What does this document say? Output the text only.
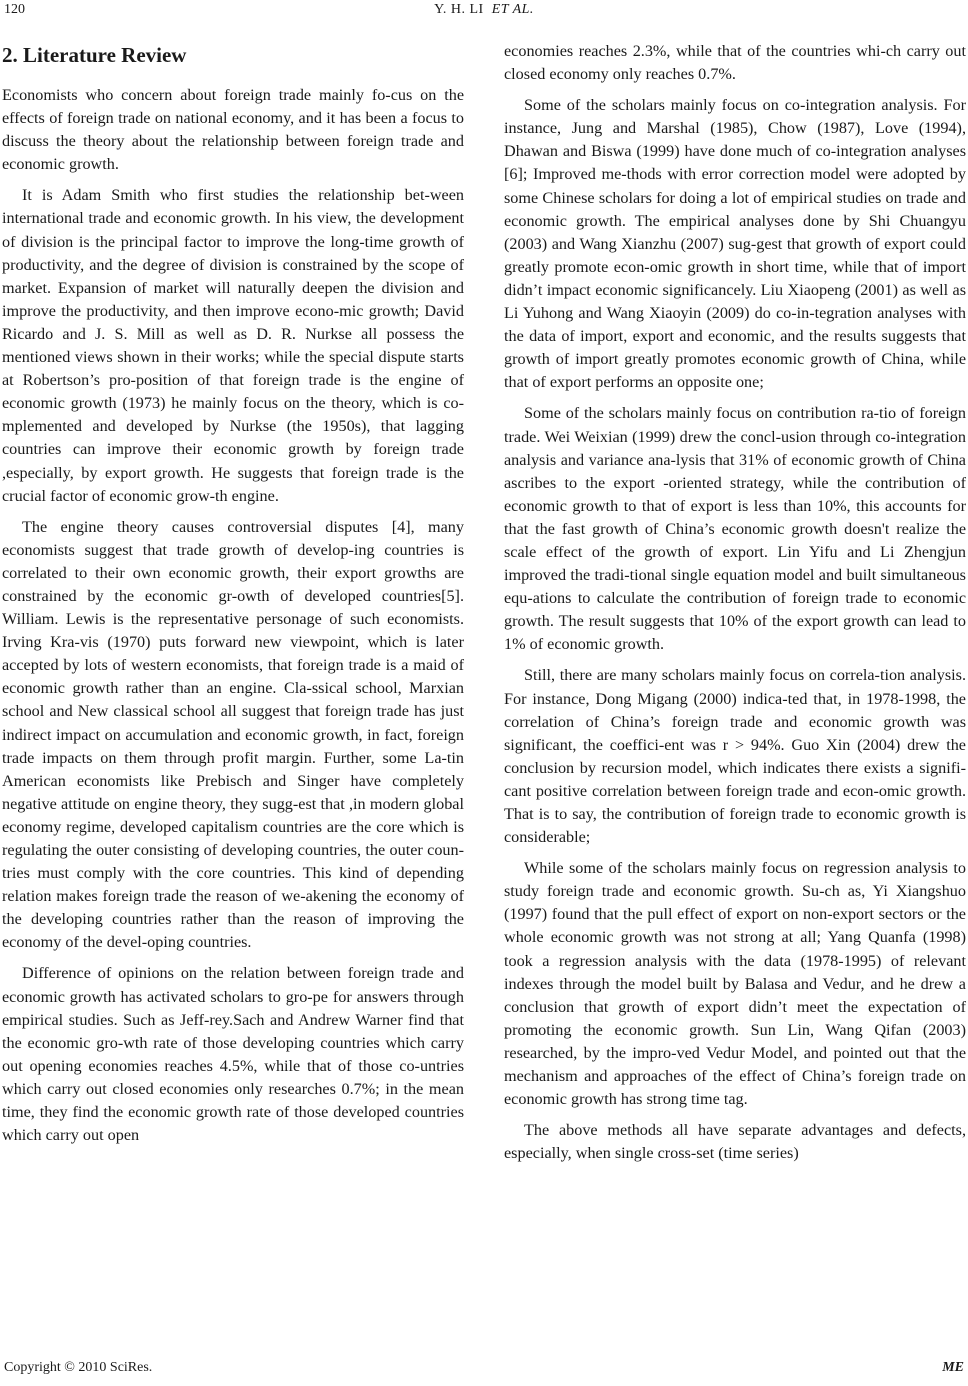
120	Y. H. LI ET AL.
2. Literature Review

Economists who concern about foreign trade mainly fo-cus on the effects of foreign trade on national economy, and it has been a focus to discuss the theory about the relationship between foreign trade and economic growth.

It is Adam Smith who first studies the relationship bet-ween international trade and economic growth. In his view, the development of division is the principal factor to improve the long-time growth of productivity, and the degree of division is constrained by the scope of market. Expansion of market will naturally deepen the division and improve the productivity, and then improve econo-mic growth; David Ricardo and J. S. Mill as well as D. R. Nurkse all possess the mentioned views shown in their works; while the special dispute starts at Robertson’s pro-position of that foreign trade is the engine of economic growth (1973) he mainly focus on the theory, which is co-mplemented and developed by Nurkse (the 1950s), that lagging countries can improve their economic growth by foreign trade ,especially, by export growth. He suggests that foreign trade is the crucial factor of economic grow-th engine.

The engine theory causes controversial disputes [4], many economists suggest that trade growth of develop-ing countries is correlated to their own economic growth, their export growths are constrained by the economic gr-owth of developed countries[5]. William. Lewis is the representative personage of such economists. Irving Kra-vis (1970) puts forward new viewpoint, which is later accepted by lots of western economists, that foreign trade is a maid of economic growth rather than an engine. Cla-ssical school, Marxian school and New classical school all suggest that foreign trade has just indirect impact on accumulation and economic growth, in fact, foreign trade impacts on them through profit margin. Further, some La-tin American economists like Prebisch and Singer have completely negative attitude on engine theory, they sugg-est that ,in modern global economy regime, developed capitalism countries are the core which is regulating the outer consisting of developing countries, the outer coun-tries must comply with the core countries. This kind of depending relation makes foreign trade the reason of we-akening the economy of the developing countries rather than the reason of improving the economy of the devel-oping countries.

Difference of opinions on the relation between foreign trade and economic growth has activated scholars to gro-pe for answers through empirical studies. Such as Jeff-rey.Sach and Andrew Warner find that the economic gro-wth rate of those developing countries which carry out opening economies reaches 4.5%, while that of those co-untries which carry out closed economies only researches 0.7%; in the mean time, they find the economic growth rate of those developed countries which carry out open

economies reaches 2.3%, while that of the countries whi-ch carry out closed economy only reaches 0.7%.

Some of the scholars mainly focus on co-integration analysis. For instance, Jung and Marshal (1985), Chow (1987), Love (1994), Dhawan and Biswa (1999) have done much of co-integration analyses [6]; Improved me-thods with error correction model were adopted by some Chinese scholars for doing a lot of empirical studies on trade and economic growth. The empirical analyses done by Shi Chuangyu (2003) and Wang Xianzhu (2007) sug-gest that growth of export could greatly promote econ-omic growth in short time, while that of import didn’t impact economic significancely. Liu Xiaopeng (2001) as well as Li Yuhong and Wang Xiaoyin (2009) do co-in-tegration analyses with the data of import, export and economic, and the results suggests that growth of import greatly promotes economic growth of China, while that of export performs an opposite one;

Some of the scholars mainly focus on contribution ra-tio of foreign trade. Wei Weixian (1999) drew the concl-usion through co-integration analysis and variance ana-lysis that 31% of economic growth of China ascribes to the export -oriented strategy, while the contribution of economic growth to that of export is less than 10%, this accounts for that the fast growth of China’s economic growth doesn't realize the scale effect of the growth of export. Lin Yifu and Li Zhengjun improved the tradi-tional single equation model and built simultaneous equ-ations to calculate the contribution of foreign trade to economic growth. The result suggests that 10% of the export growth can lead to 1% of economic growth.

Still, there are many scholars mainly focus on correla-tion analysis. For instance, Dong Migang (2000) indica-ted that, in 1978-1998, the correlation of China’s foreign trade and economic growth was significant, the coeffici-ent was r > 94%. Guo Xin (2004) drew the conclusion by recursion model, which indicates there exists a signifi-cant positive correlation between foreign trade and econ-omic growth. That is to say, the contribution of foreign trade to economic growth is considerable;

While some of the scholars mainly focus on regression analysis to study foreign trade and economic growth. Su-ch as, Yi Xiangshuo (1997) found that the pull effect of export on non-export sectors or the whole economic growth was not strong at all; Yang Quanfa (1998) took a regression analysis with the data (1978-1995) of relevant indexes through the model built by Balasa and Vedur, and he drew a conclusion that growth of export didn’t meet the expectation of promoting the economic growth. Sun Lin, Wang Qifan (2003) researched, by the impro-ved Vedur Model, and pointed out that the mechanism and approaches of the effect of China’s foreign trade on economic growth has strong time tag.

The above methods all have separate advantages and defects, especially, when single cross-set (time series)

Copyright © 2010 SciRes.	ME
